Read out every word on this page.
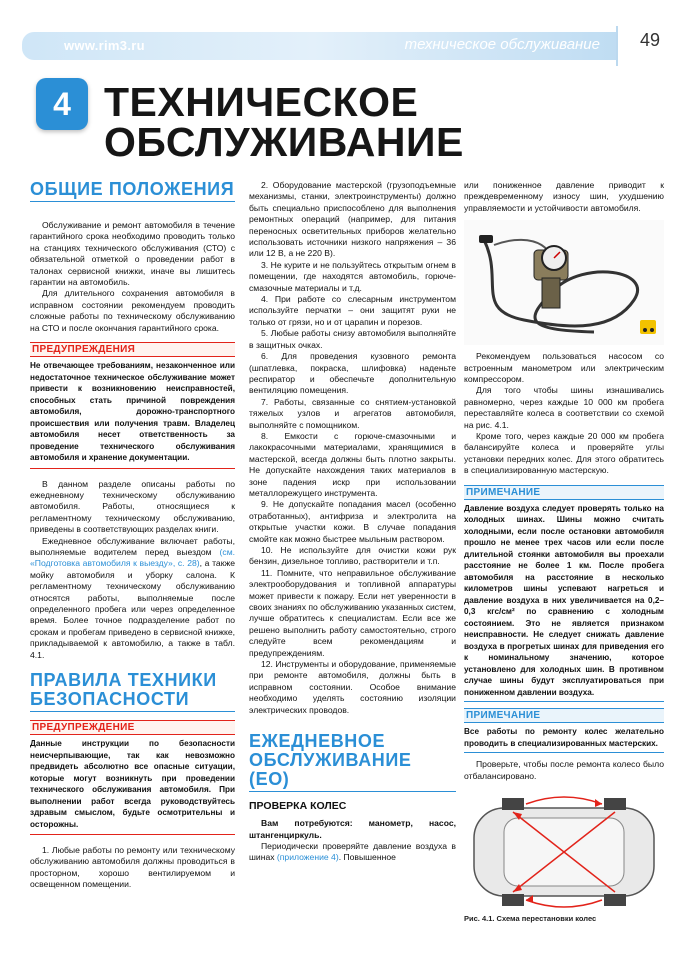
www.rim3.ru	техническое обслуживание 49
4 ТЕХНИЧЕСКОЕ
ОБСЛУЖИВАНИЕ
ОБЩИЕ ПОЛОЖЕНИЯ

Обслуживание и ремонт автомобиля в течение гарантийного срока необходимо проводить только на станциях технического обслуживания (СТО) с обязательной отметкой о проведении работ в талонах сервисной книжки, иначе вы лишитесь гарантии на автомобиль.

Для длительного сохранения автомобиля в исправном состоянии рекомендуем проводить сложные работы по техническому обслуживанию на СТО и после окончания гарантийного срока.

ПРЕДУПРЕЖДЕНИЯ
Не отвечающее требованиям, незаконченное или недостаточное техническое обслуживание может привести к возникновению неисправностей, способных стать причиной повреждения автомобиля, дорожно-транспортного происшествия или получения травм. Владелец автомобиля несет ответственность за проведение технического обслуживания автомобиля и хранение документации.

В данном разделе описаны работы по ежедневному техническому обслуживанию автомобиля. Работы, относящиеся к регламентному техническому обслуживанию, приведены в соответствующих разделах книги.

Ежедневное обслуживание включает работы, выполняемые водителем перед выездом (см. «Подготовка автомобиля к выезду», с. 28), а также мойку автомобиля и уборку салона. К регламентному техническому обслуживанию относятся работы, выполняемые после определенного пробега или через определенное время. Более точное подразделение работ по срокам и пробегам приведено в сервисной книжке, прикладываемой к автомобилю, а также в табл. 4.1.

ПРАВИЛА ТЕХНИКИ БЕЗОПАСНОСТИ
ПРЕДУПРЕЖДЕНИЕ
Данные инструкции по безопасности неисчерпывающие, так как невозможно предвидеть абсолютно все опасные ситуации, которые могут возникнуть при проведении технического обслуживания автомобиля. При выполнении работ всегда руководствуйтесь здравым смыслом, будьте осмотрительны и осторожны.

1. Любые работы по ремонту или техническому обслуживанию автомобиля должны проводиться в просторном, хорошо вентилируемом и освещенном помещении.

2. Оборудование мастерской (грузоподъемные механизмы, станки, электроинструменты) должно быть специально приспособлено для выполнения ремонтных операций (например, для питания переносных осветительных приборов желательно использовать источники низкого напряжения – 36 или 12 В, а не 220 В).

3. Не курите и не пользуйтесь открытым огнем в помещении, где находятся автомобиль, горюче-смазочные материалы и т.д.

4. При работе со слесарным инструментом используйте перчатки – они защитят руки не только от грязи, но и от царапин и порезов.

5. Любые работы снизу автомобиля выполняйте в защитных очках.

6. Для проведения кузовного ремонта (шпатлевка, покраска, шлифовка) наденьте респиратор и обеспечьте дополнительную вентиляцию помещения.

7. Работы, связанные со снятием-установкой тяжелых узлов и агрегатов автомобиля, выполняйте с помощником.

8. Емкости с горюче-смазочными и лакокрасочными материалами, хранящимися в мастерской, всегда должны быть плотно закрыты. Не допускайте нахождения таких материалов в зоне падения искр при использовании металлорежущего инструмента.

9. Не допускайте попадания масел (особенно отработанных), антифриза и электролита на открытые участки кожи. В случае попадания смойте как можно быстрее мыльным раствором.

10. Не используйте для очистки кожи рук бензин, дизельное топливо, растворители и т.п.

11. Помните, что неправильное обслуживание электрооборудования и топливной аппаратуры может привести к пожару. Если нет уверенности в своих знаниях по обслуживанию указанных систем, лучше обратитесь к специалистам. Если все же решено выполнить работу самостоятельно, строго следуйте всем рекомендациям и предупреждениям.

12. Инструменты и оборудование, применяемые при ремонте автомобиля, должны быть в исправном состоянии. Особое внимание необходимо уделять состоянию изоляции электрических проводов.

ЕЖЕДНЕВНОЕ ОБСЛУЖИВАНИЕ (ЕО)
ПРОВЕРКА КОЛЕС

Вам потребуются: манометр, насос, штангенциркуль.

Периодически проверяйте давление воздуха в шинах (приложение 4). Повышенное

или пониженное давление приводит к преждевременному износу шин, ухудшению управляемости и устойчивости автомобиля.

Рекомендуем пользоваться насосом со встроенным манометром или электрическим компрессором.

Для того чтобы шины изнашивались равномерно, через каждые 10 000 км пробега переставляйте колеса в соответствии со схемой на рис. 4.1.

Кроме того, через каждые 20 000 км пробега балансируйте колеса и проверяйте углы установки передних колес. Для этого обратитесь в специализированную мастерскую.

ПРИМЕЧАНИЕ
Давление воздуха следует проверять только на холодных шинах. Шины можно считать холодными, если после остановки автомобиля прошло не менее трех часов или если после длительной стоянки автомобиля вы проехали расстояние не более 1 км. После пробега автомобиля на расстояние в несколько километров шины успевают нагреться и давление воздуха в них увеличивается на 0,2–0,3 кгс/см² по сравнению с холодным состоянием. Это не является признаком неисправности. Не следует снижать давление воздуха в прогретых шинах для приведения его к номинальному значению, которое установлено для холодных шин. В противном случае шины будут эксплуатироваться при пониженном давлении воздуха.
ПРИМЕЧАНИЕ
Все работы по ремонту колес желательно проводить в специализированных мастерских.

Проверьте, чтобы после ремонта колесо было отбалансировано.

Рис. 4.1. Схема перестановки колес
